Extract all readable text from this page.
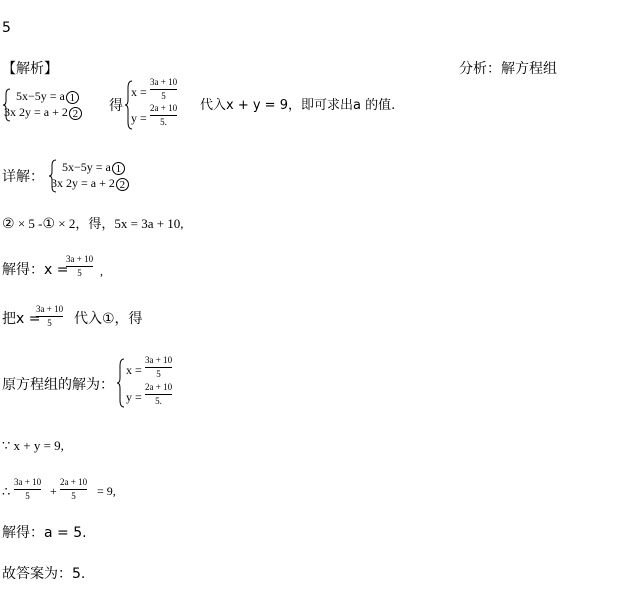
5
【解析】	分析：解方程组
5x−5y = a 1
3x 2y = a + 2 2 得
x =
3a + 10
5
y =
2a + 10
5.
代入x + y = 9，即可求出a 的值.
详解：
5x−5y = a 1
3x 2y = a + 2 2
② × 5 -① × 2，得，5x = 3a + 10,
解得：x =
3a + 10
5 ,
把x =
3a + 10
5 代入①，得
原方程组的解为：
x =
3a + 10
5
y =
2a + 10
5.
∵ x + y = 9,
∴
3a + 10
5 +
2a + 10
5 = 9,
解得：a = 5.
故答案为：5.
